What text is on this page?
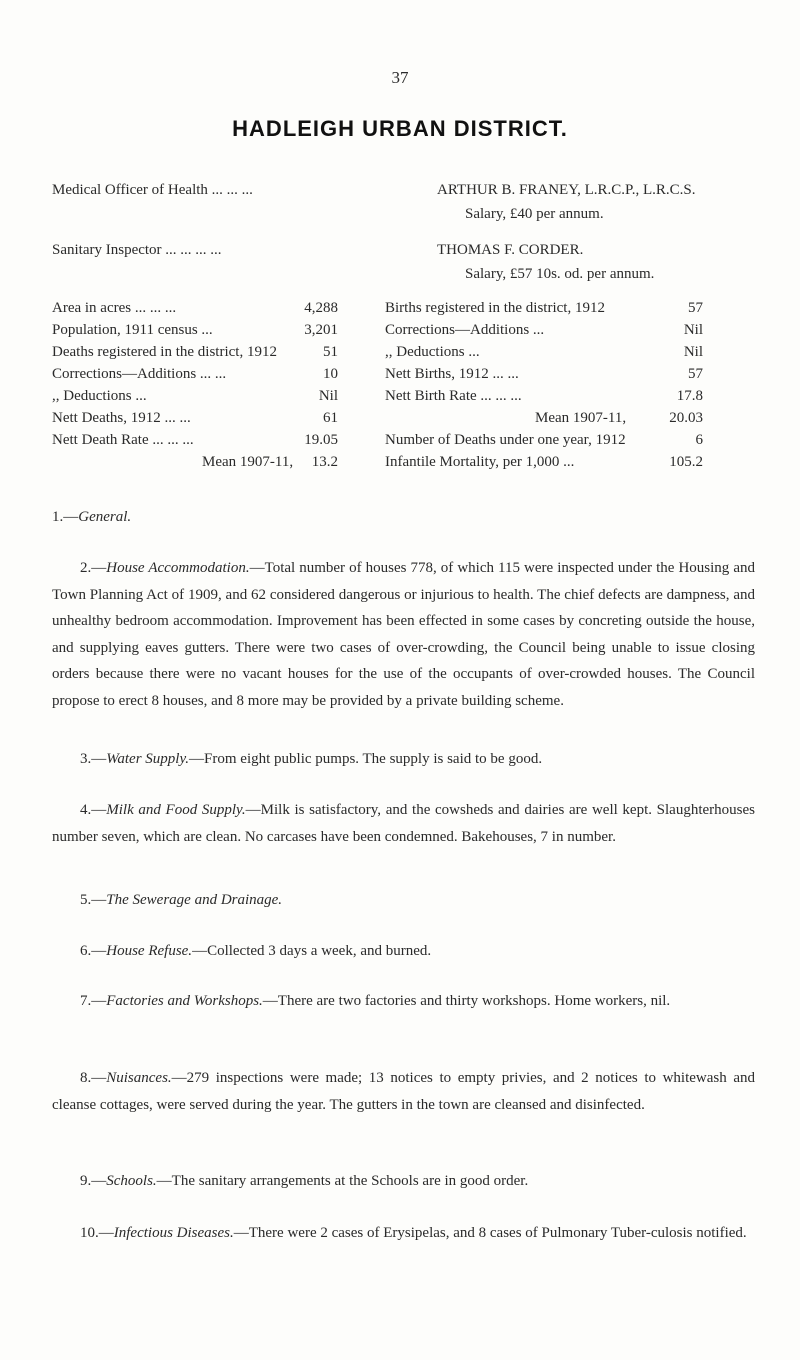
37
HADLEIGH URBAN DISTRICT.
Medical Officer of Health ... ... ...	ARTHUR B. FRANEY, L.R.C.P., L.R.C.S.
Salary, £40 per annum.
Sanitary Inspector ... ... ... ...	THOMAS F. CORDER.
Salary, £57 10s. od. per annum.
Area in acres ... ... ...	4,288
Population, 1911 census ...	3,201
Deaths registered in the district, 1912	51
Corrections—Additions ... ...	10
,, Deductions ...	Nil
Nett Deaths, 1912 ... ...	61
Nett Death Rate ... ... ...	19.05
Mean 1907-11, 13.2
Births registered in the district, 1912	57
Corrections—Additions ...	Nil
,, Deductions ...	Nil
Nett Births, 1912 ... ...	57
Nett Birth Rate ... ... ...	17.8
Mean 1907-11,	20.03
Number of Deaths under one year, 1912	6
Infantile Mortality, per 1,000 ...	105.2
1.—General.
2.—House Accommodation.—Total number of houses 778, of which 115 were inspected under the Housing and Town Planning Act of 1909, and 62 considered dangerous or injurious to health. The chief defects are dampness, and unhealthy bedroom accommodation. Improvement has been effected in some cases by concreting outside the house, and supplying eaves gutters. There were two cases of over-crowding, the Council being unable to issue closing orders because there were no vacant houses for the use of the occupants of over-crowded houses. The Council propose to erect 8 houses, and 8 more may be provided by a private building scheme.
3.—Water Supply.—From eight public pumps. The supply is said to be good.
4.—Milk and Food Supply.—Milk is satisfactory, and the cowsheds and dairies are well kept. Slaughterhouses number seven, which are clean. No carcases have been condemned. Bakehouses, 7 in number.
5.—The Sewerage and Drainage.
6.—House Refuse.—Collected 3 days a week, and burned.
7.—Factories and Workshops.—There are two factories and thirty workshops. Home workers, nil.
8.—Nuisances.—279 inspections were made; 13 notices to empty privies, and 2 notices to whitewash and cleanse cottages, were served during the year. The gutters in the town are cleansed and disinfected.
9.—Schools.—The sanitary arrangements at the Schools are in good order.
10.—Infectious Diseases.—There were 2 cases of Erysipelas, and 8 cases of Pulmonary Tuber-culosis notified.
